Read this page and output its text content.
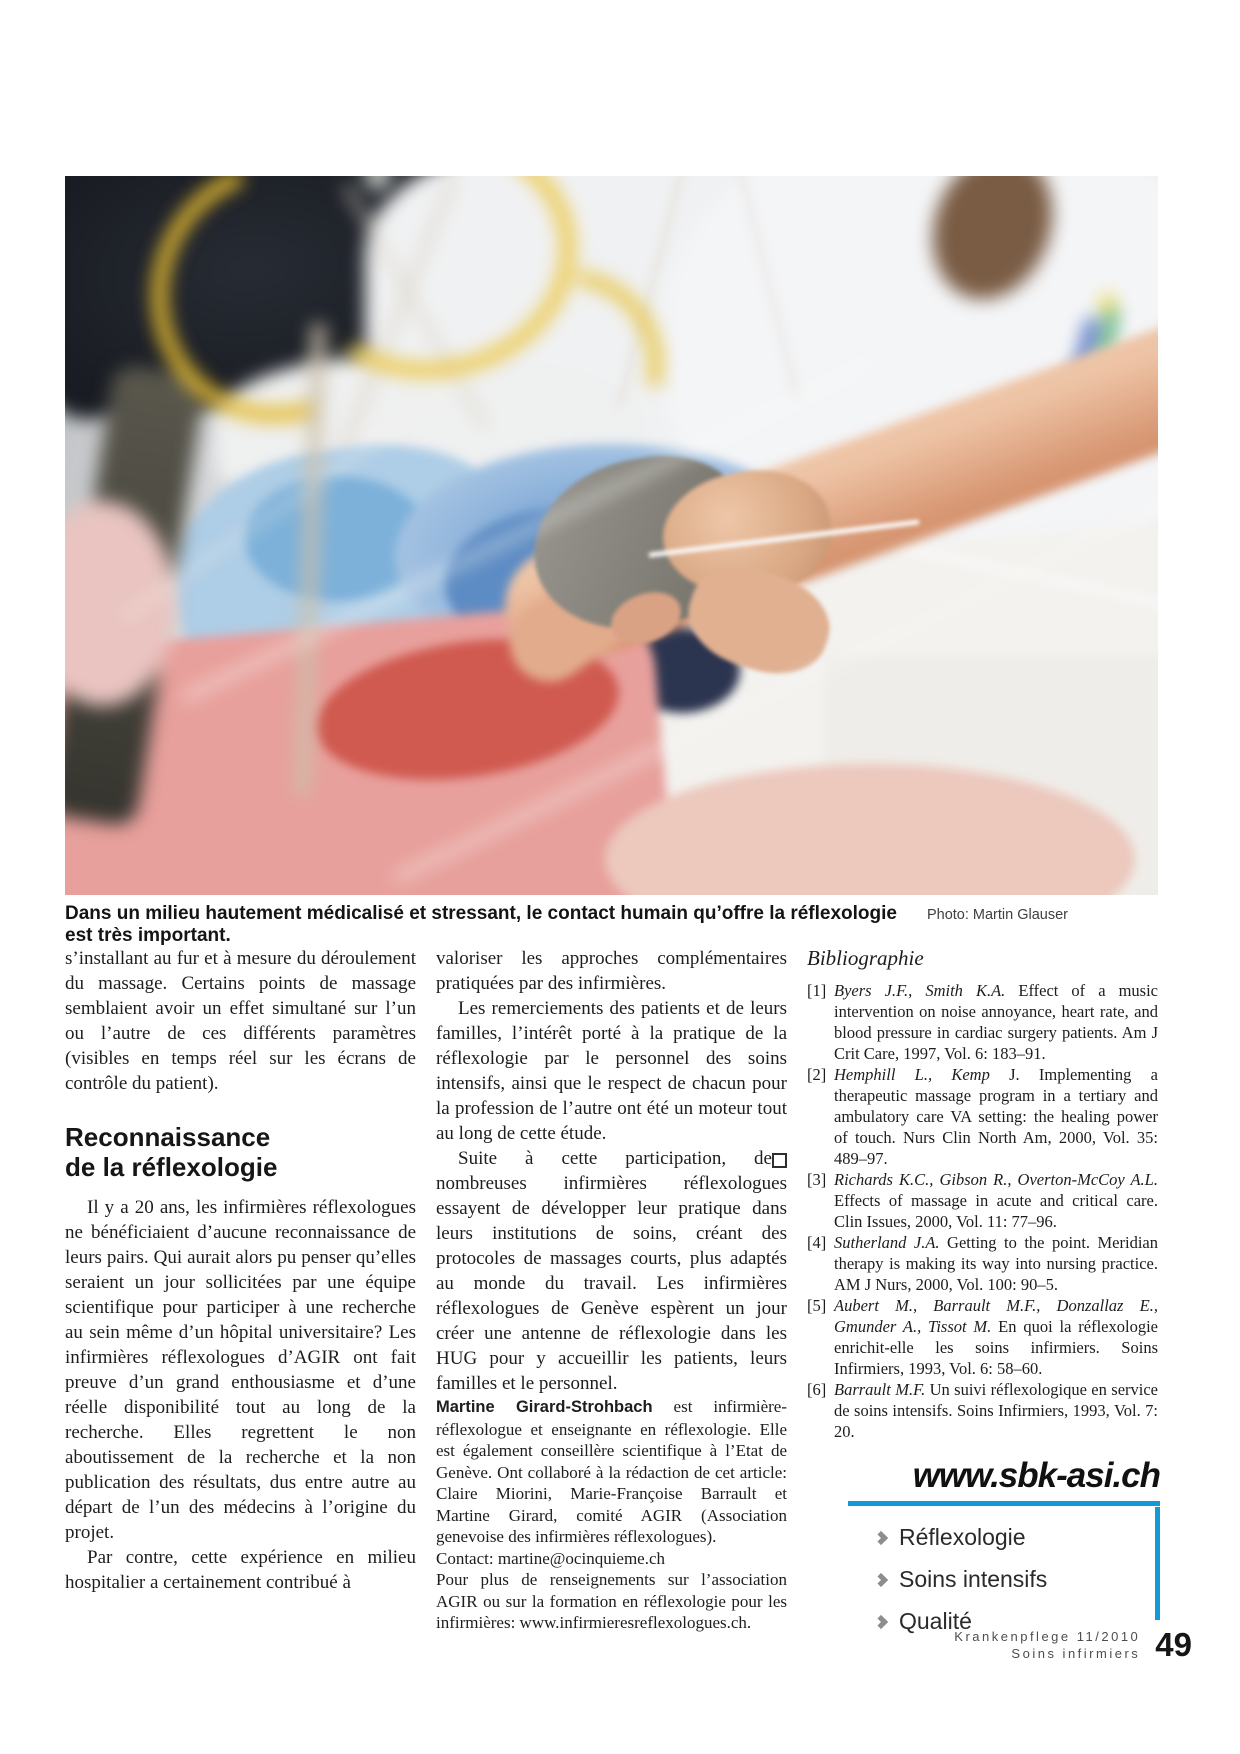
Dans un milieu hautement médicalisé et stressant, le contact humain qu’offre la réflexologie est très important.
Photo: Martin Glauser

s’installant au fur et à mesure du déroulement du massage. Certains points de massage semblaient avoir un effet simultané sur l’un ou l’autre de ces différents paramètres (visibles en temps réel sur les écrans de contrôle du patient).

Reconnaissance
de la réflexologie

Il y a 20 ans, les infirmières réflexologues ne bénéficiaient d’aucune reconnaissance de leurs pairs. Qui aurait alors pu penser qu’elles seraient un jour sollicitées par une équipe scientifique pour participer à une recherche au sein même d’un hôpital universitaire? Les infirmières réflexologues d’AGIR ont fait preuve d’un grand enthousiasme et d’une réelle disponibilité tout au long de la recherche. Elles regrettent le non aboutissement de la recherche et la non publication des résultats, dus entre autre au départ de l’un des médecins à l’origine du projet.

Par contre, cette expérience en milieu hospitalier a certainement contribué à

valoriser les approches complémentaires pratiquées par des infirmières.

Les remerciements des patients et de leurs familles, l’intérêt porté à la pratique de la réflexologie par le personnel des soins intensifs, ainsi que le respect de chacun pour la profession de l’autre ont été un moteur tout au long de cette étude.

Suite à cette participation, de nombreuses infirmières réflexologues essayent de développer leur pratique dans leurs institutions de soins, créant des protocoles de massages courts, plus adaptés au monde du travail. Les infirmières réflexologues de Genève espèrent un jour créer une antenne de réflexologie dans les HUG pour y accueillir les patients, leurs familles et le personnel.

Martine Girard-Strohbach est infirmière-réflexologue et enseignante en réflexologie. Elle est également conseillère scientifique à l’Etat de Genève. Ont collaboré à la rédaction de cet article: Claire Miorini, Marie-Françoise Barrault et Martine Girard, comité AGIR (Association genevoise des infirmières réflexologues).

Contact: martine@ocinquieme.ch

Pour plus de renseignements sur l’association AGIR ou sur la formation en réflexologie pour les infirmières: www.infirmieresreflexologues.ch.

Bibliographie
[1] Byers J.F., Smith K.A. Effect of a music intervention on noise annoyance, heart rate, and blood pressure in cardiac surgery patients. Am J Crit Care, 1997, Vol. 6: 183–91.
[2] Hemphill L., Kemp J. Implementing a therapeutic massage program in a tertiary and ambulatory care VA setting: the healing power of touch. Nurs Clin North Am, 2000, Vol. 35: 489–97.
[3] Richards K.C., Gibson R., Overton-McCoy A.L. Effects of massage in acute and critical care. Clin Issues, 2000, Vol. 11: 77–96.
[4] Sutherland J.A. Getting to the point. Meridian therapy is making its way into nursing practice. AM J Nurs, 2000, Vol. 100: 90–5.
[5] Aubert M., Barrault M.F., Donzallaz E., Gmunder A., Tissot M. En quoi la réflexologie enrichit-elle les soins infirmiers. Soins Infirmiers, 1993, Vol. 6: 58–60.
[6] Barrault M.F. Un suivi réflexologique en service de soins intensifs. Soins Infirmiers, 1993, Vol. 7: 20.
www.sbk-asi.ch
Réflexologie
Soins intensifs
Qualité
Krankenpflege 11/2010
Soins infirmiers 49
